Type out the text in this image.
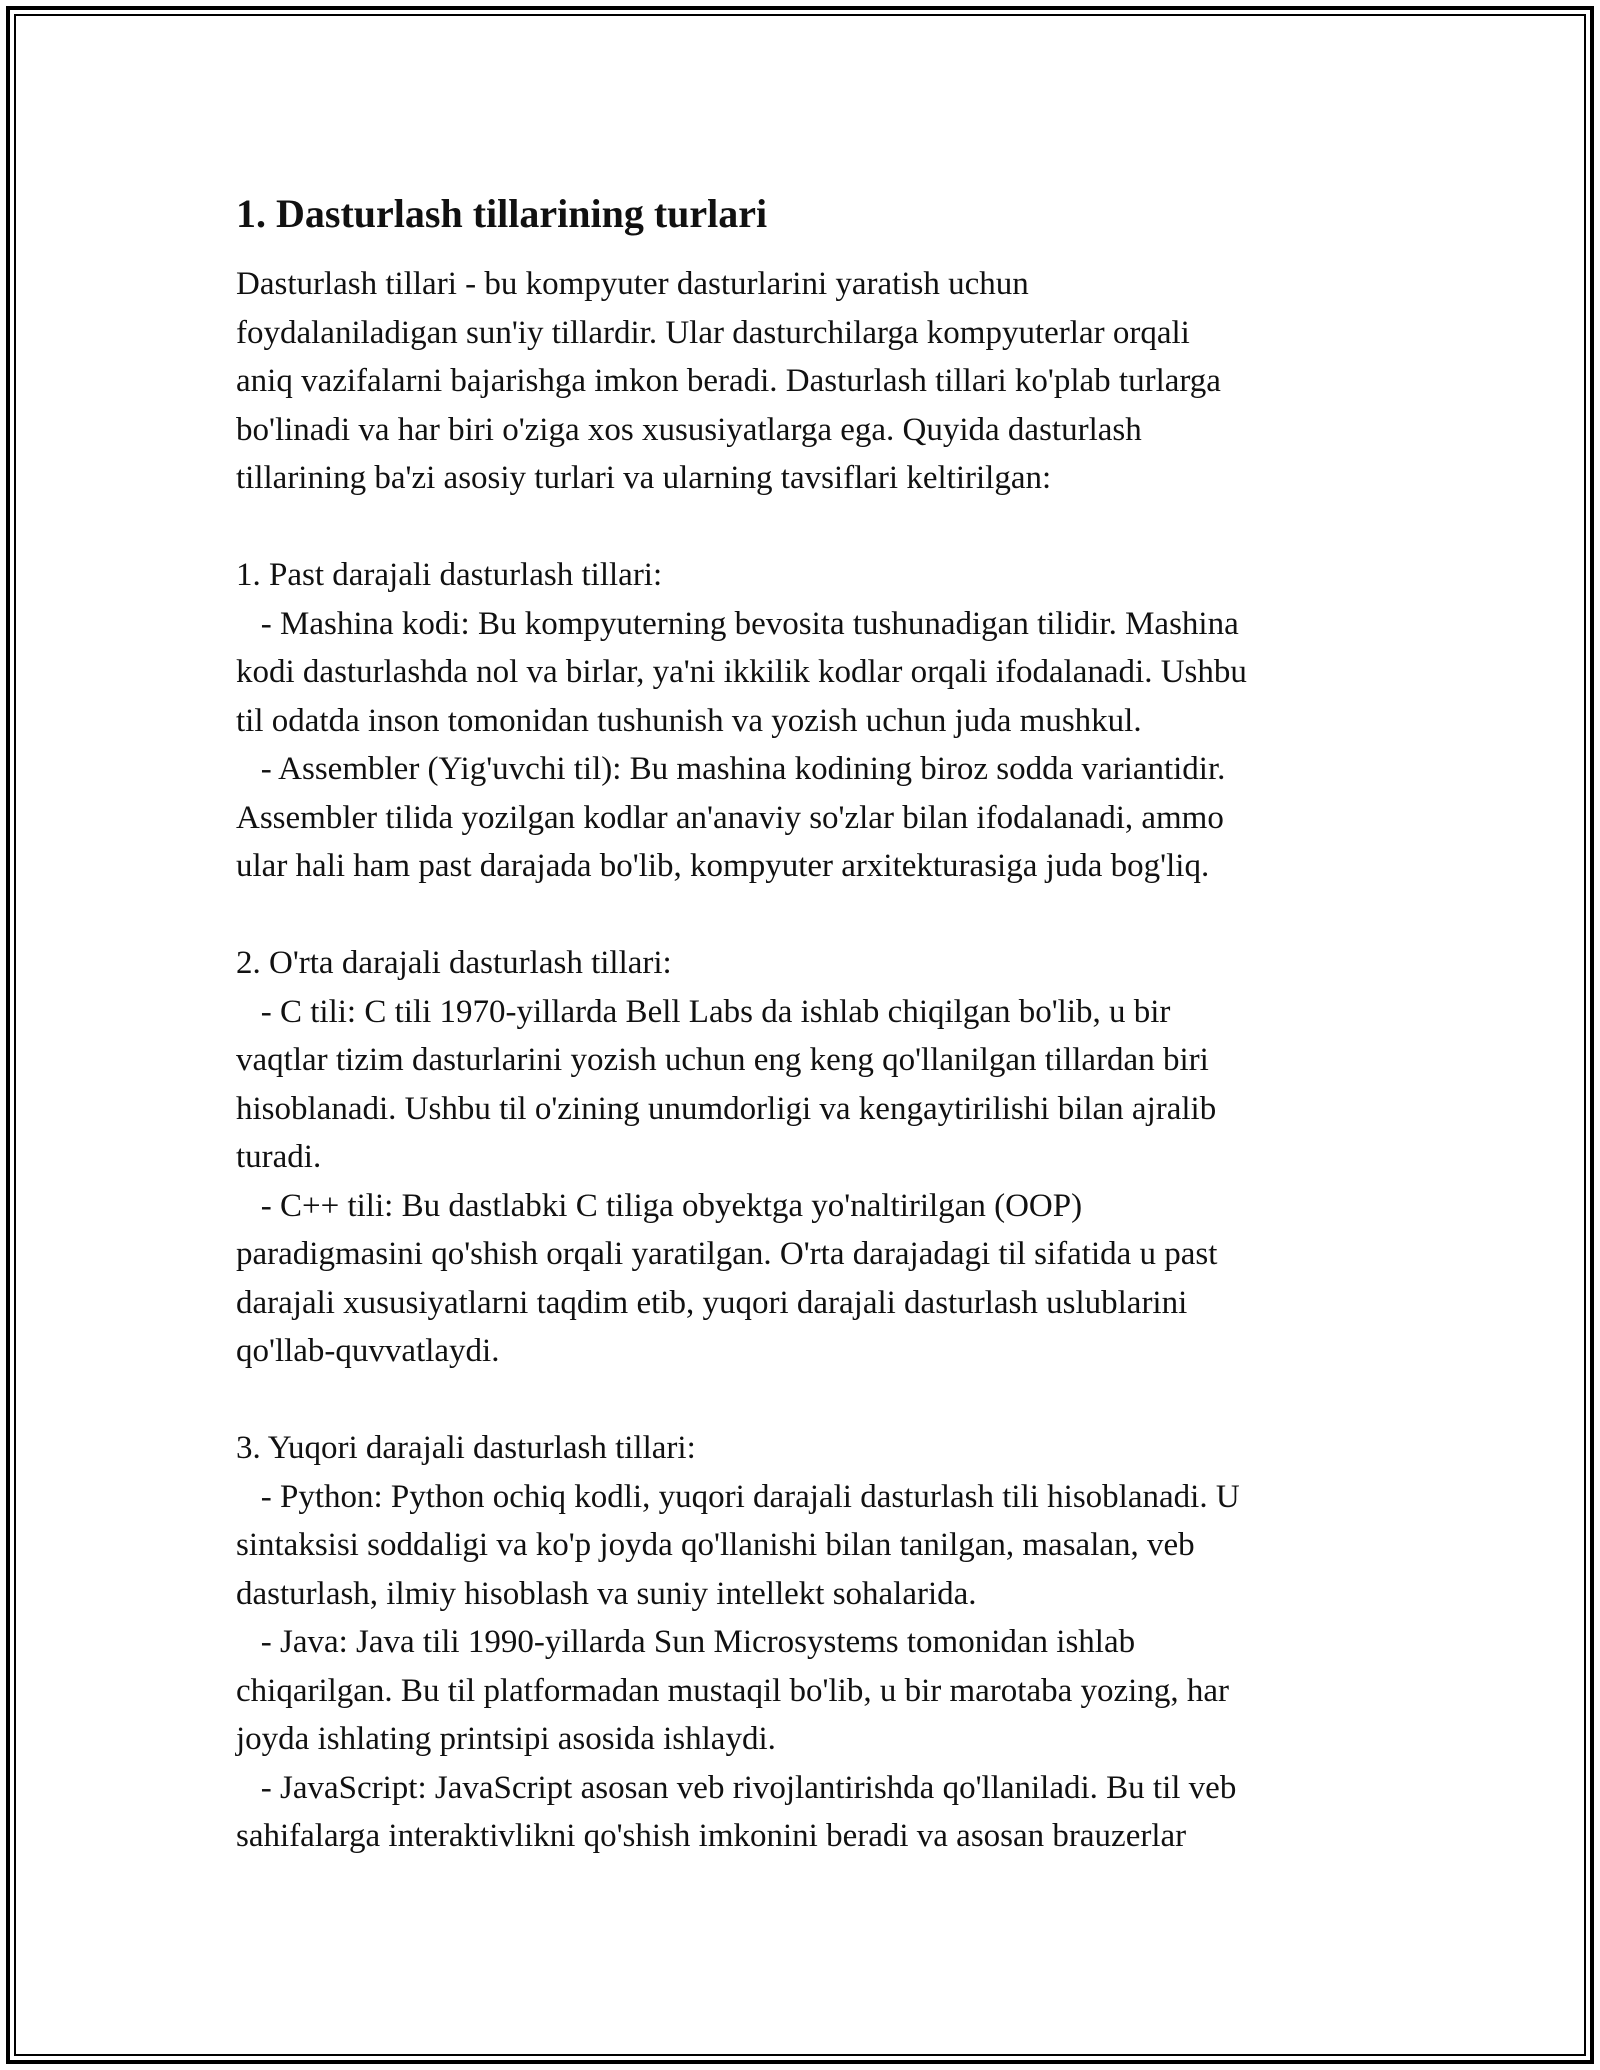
1. Dasturlash tillarining turlari
Dasturlash tillari - bu kompyuter dasturlarini yaratish uchun
foydalaniladigan sun'iy tillardir. Ular dasturchilarga kompyuterlar orqali
aniq vazifalarni bajarishga imkon beradi. Dasturlash tillari ko'plab turlarga
bo'linadi va har biri o'ziga xos xususiyatlarga ega. Quyida dasturlash
tillarining ba'zi asosiy turlari va ularning tavsiflari keltirilgan:
1. Past darajali dasturlash tillari:
- Mashina kodi: Bu kompyuterning bevosita tushunadigan tilidir. Mashina
kodi dasturlashda nol va birlar, ya'ni ikkilik kodlar orqali ifodalanadi. Ushbu
til odatda inson tomonidan tushunish va yozish uchun juda mushkul.
- Assembler (Yig'uvchi til): Bu mashina kodining biroz sodda variantidir.
Assembler tilida yozilgan kodlar an'anaviy so'zlar bilan ifodalanadi, ammo
ular hali ham past darajada bo'lib, kompyuter arxitekturasiga juda bog'liq.
2. O'rta darajali dasturlash tillari:
- C tili: C tili 1970-yillarda Bell Labs da ishlab chiqilgan bo'lib, u bir
vaqtlar tizim dasturlarini yozish uchun eng keng qo'llanilgan tillardan biri
hisoblanadi. Ushbu til o'zining unumdorligi va kengaytirilishi bilan ajralib
turadi.
- C++ tili: Bu dastlabki C tiliga obyektga yo'naltirilgan (OOP)
paradigmasini qo'shish orqali yaratilgan. O'rta darajadagi til sifatida u past
darajali xususiyatlarni taqdim etib, yuqori darajali dasturlash uslublarini
qo'llab-quvvatlaydi.
3. Yuqori darajali dasturlash tillari:
- Python: Python ochiq kodli, yuqori darajali dasturlash tili hisoblanadi. U
sintaksisi soddaligi va ko'p joyda qo'llanishi bilan tanilgan, masalan, veb
dasturlash, ilmiy hisoblash va suniy intellekt sohalarida.
- Java: Java tili 1990-yillarda Sun Microsystems tomonidan ishlab
chiqarilgan. Bu til platformadan mustaqil bo'lib, u bir marotaba yozing, har
joyda ishlating printsipi asosida ishlaydi.
- JavaScript: JavaScript asosan veb rivojlantirishda qo'llaniladi. Bu til veb
sahifalarga interaktivlikni qo'shish imkonini beradi va asosan brauzerlar
